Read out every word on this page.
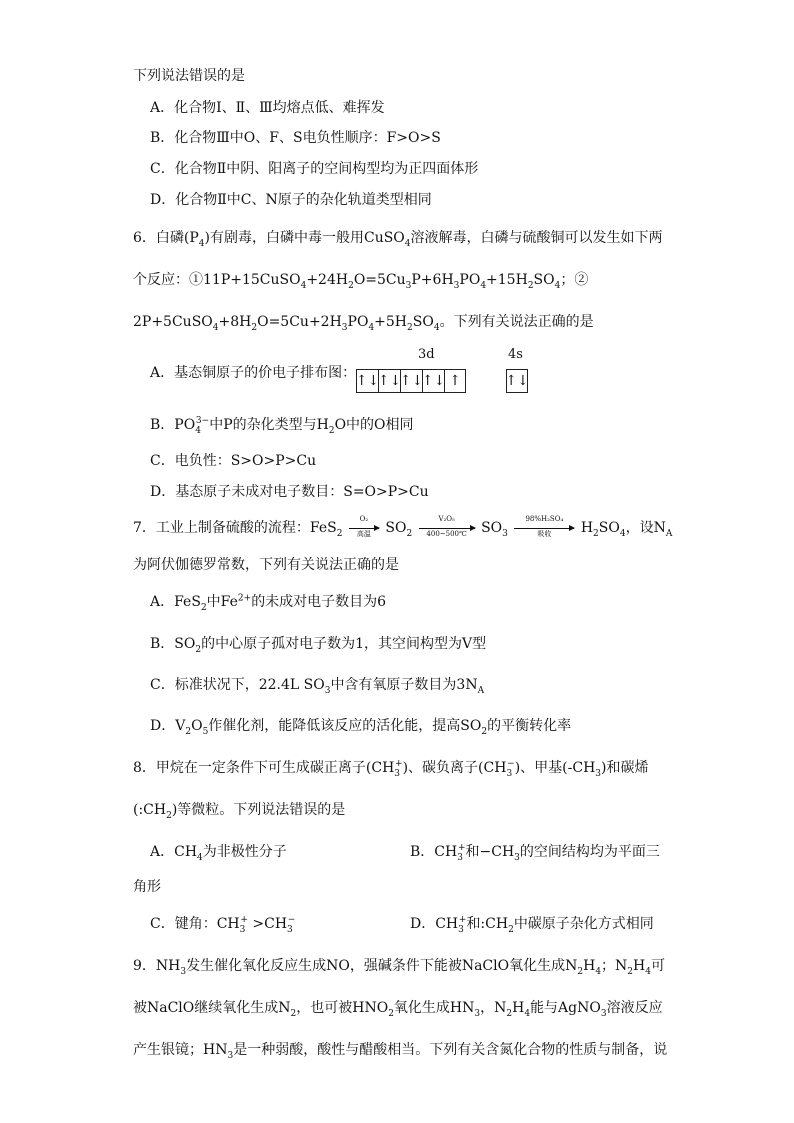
下列说法错误的是
A．化合物Ⅰ、Ⅱ、Ⅲ均熔点低、难挥发
B．化合物Ⅲ中O、F、S电负性顺序：F>O>S
C．化合物Ⅱ中阴、阳离子的空间构型均为正四面体形
D．化合物Ⅱ中C、N原子的杂化轨道类型相同
6．白磷$(P_4)$有剧毒，白磷中毒一般用CuSO$_4$溶液解毒，白磷与硫酸铜可以发生如下两
个反应：$①11P+15CuSO_4+24H_2O=5Cu_3P+6H_3PO_4+15H_2SO_4$；②
$2P+5CuSO_4+8H_2O=5Cu+2H_3PO_4+5H_2SO_4$。下列有关说法正确的是
A．基态铜原子的价电子排布图：
3d	4s
↑↓
↑↓
↑↓
↑↓ ↑	↑↓
B．$PO_4^{3-}$中P的杂化类型与$H_2O$中的O相同
C．电负性：S>O>P>Cu
D．基态原子未成对电子数目：S=O>P>Cu
7．工业上制备硫酸的流程：FeS$_2$
O₂
高温	$SO_2 \frac{\text{V₂O₅}}{400\sim 500℃} SO_3$
98%H₂SO₄
吸收	$H_2SO_4$，设$N_A$
为阿伏伽德罗常数，下列有关说法正确的是
A．FeS$_2$中$Fe^{2+}$的未成对电子数目为6
B．$SO_2$的中心原子孤对电子数为1，其空间构型为V型
C．标准状况下，22.4L $SO_3$中含有氧原子数目为$3N_A$
D．$V_2O_5$作催化剂，能降低该反应的活化能，提高$SO_2$的平衡转化率
8．甲烷在一定条件下可生成碳正离子$(CH_3^+)$、碳负离子$(CH_3^-)$、甲基$(-CH_3)$和碳烯
$(:CH_2)$等微粒。下列说法错误的是
A．$CH_4$为非极性分子	B．$CH_3^+$和$-CH_3$的空间结构均为平面三
角形
C．键角：$CH_3^+ >CH_3^-$	D．$CH_3^+$和$:CH_2$中碳原子杂化方式相同
9．$NH_3$发生催化氧化反应生成NO，强碱条件下能被NaClO氧化生成$N_2H_4$；$N_2H_4$可
被NaClO继续氧化生成$N_2$，也可被$HNO_2$氧化生成$HN_3$，$N_2H_4$能与AgNO$_3$溶液反应
产生银镜；$HN_3$是一种弱酸，酸性与醋酸相当。下列有关含氮化合物的性质与制备，说
